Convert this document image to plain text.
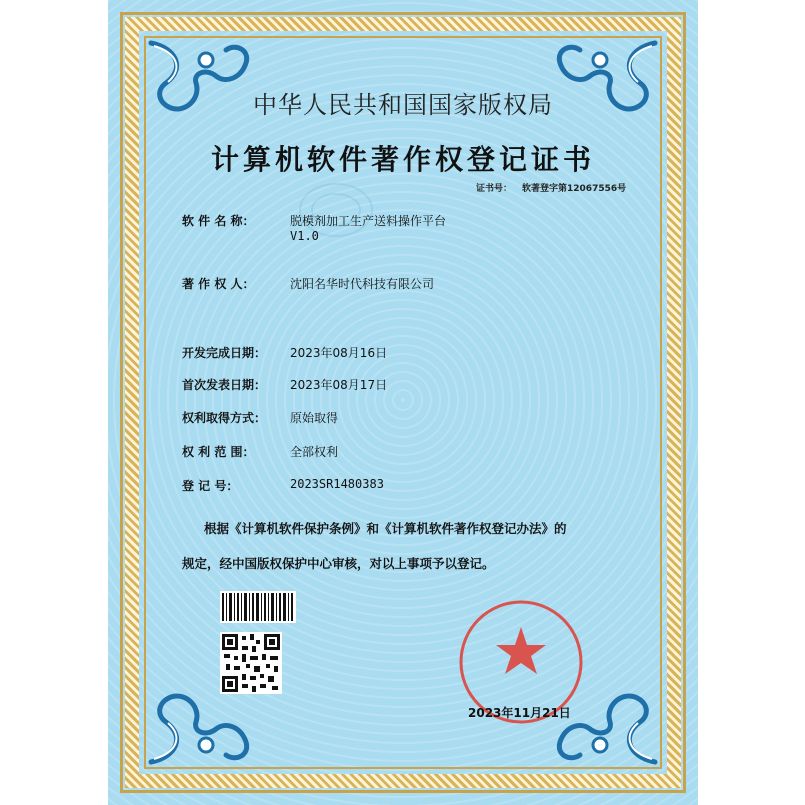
中华人民共和国国家版权局
计算机软件著作权登记证书
证书号： 软著登字第12067556号
软 件 名 称：	脱模剂加工生产送料操作平台
V1.0
著 作 权 人：	沈阳名华时代科技有限公司
开发完成日期： 2023年08月16日
首次发表日期： 2023年08月17日
权利取得方式： 原始取得
权 利 范 围：	全部权利
登 记 号：	2023SR1480383
根据《计算机软件保护条例》和《计算机软件著作权登记办法》的
规定，经中国版权保护中心审核，对以上事项予以登记。
2023年11月21日
